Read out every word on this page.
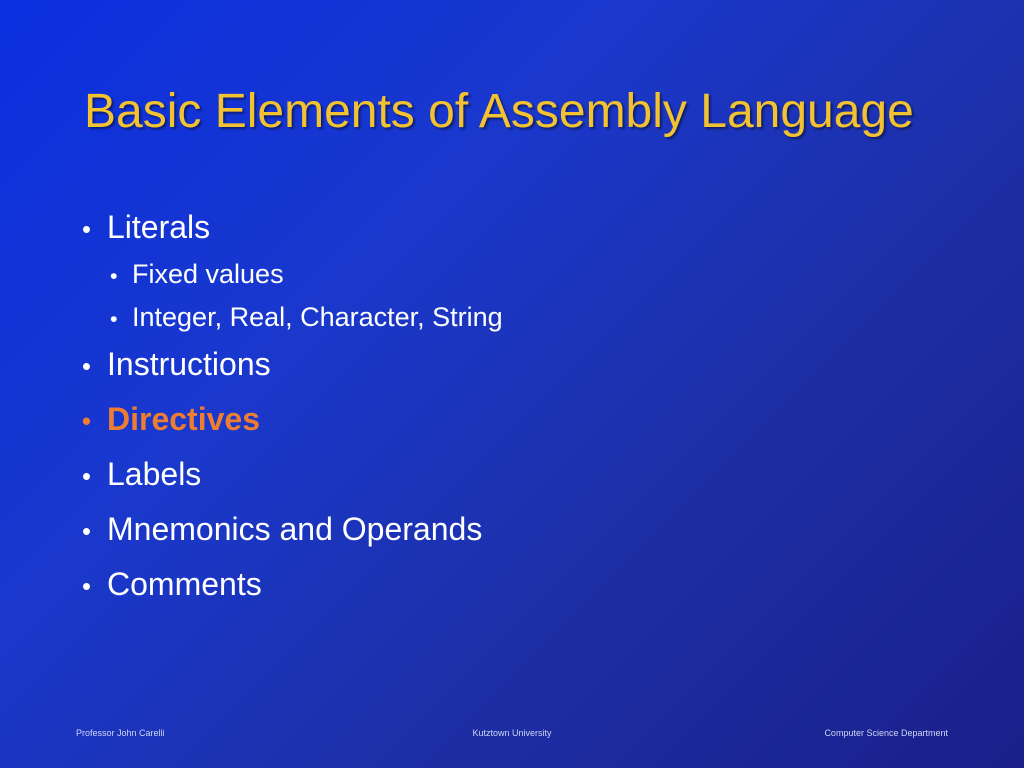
Basic Elements of Assembly Language
• Literals
• Fixed values
• Integer, Real, Character, String
• Instructions
• Directives
• Labels
• Mnemonics and Operands
• Comments
Professor John Carelli	Kutztown University	Computer Science Department
